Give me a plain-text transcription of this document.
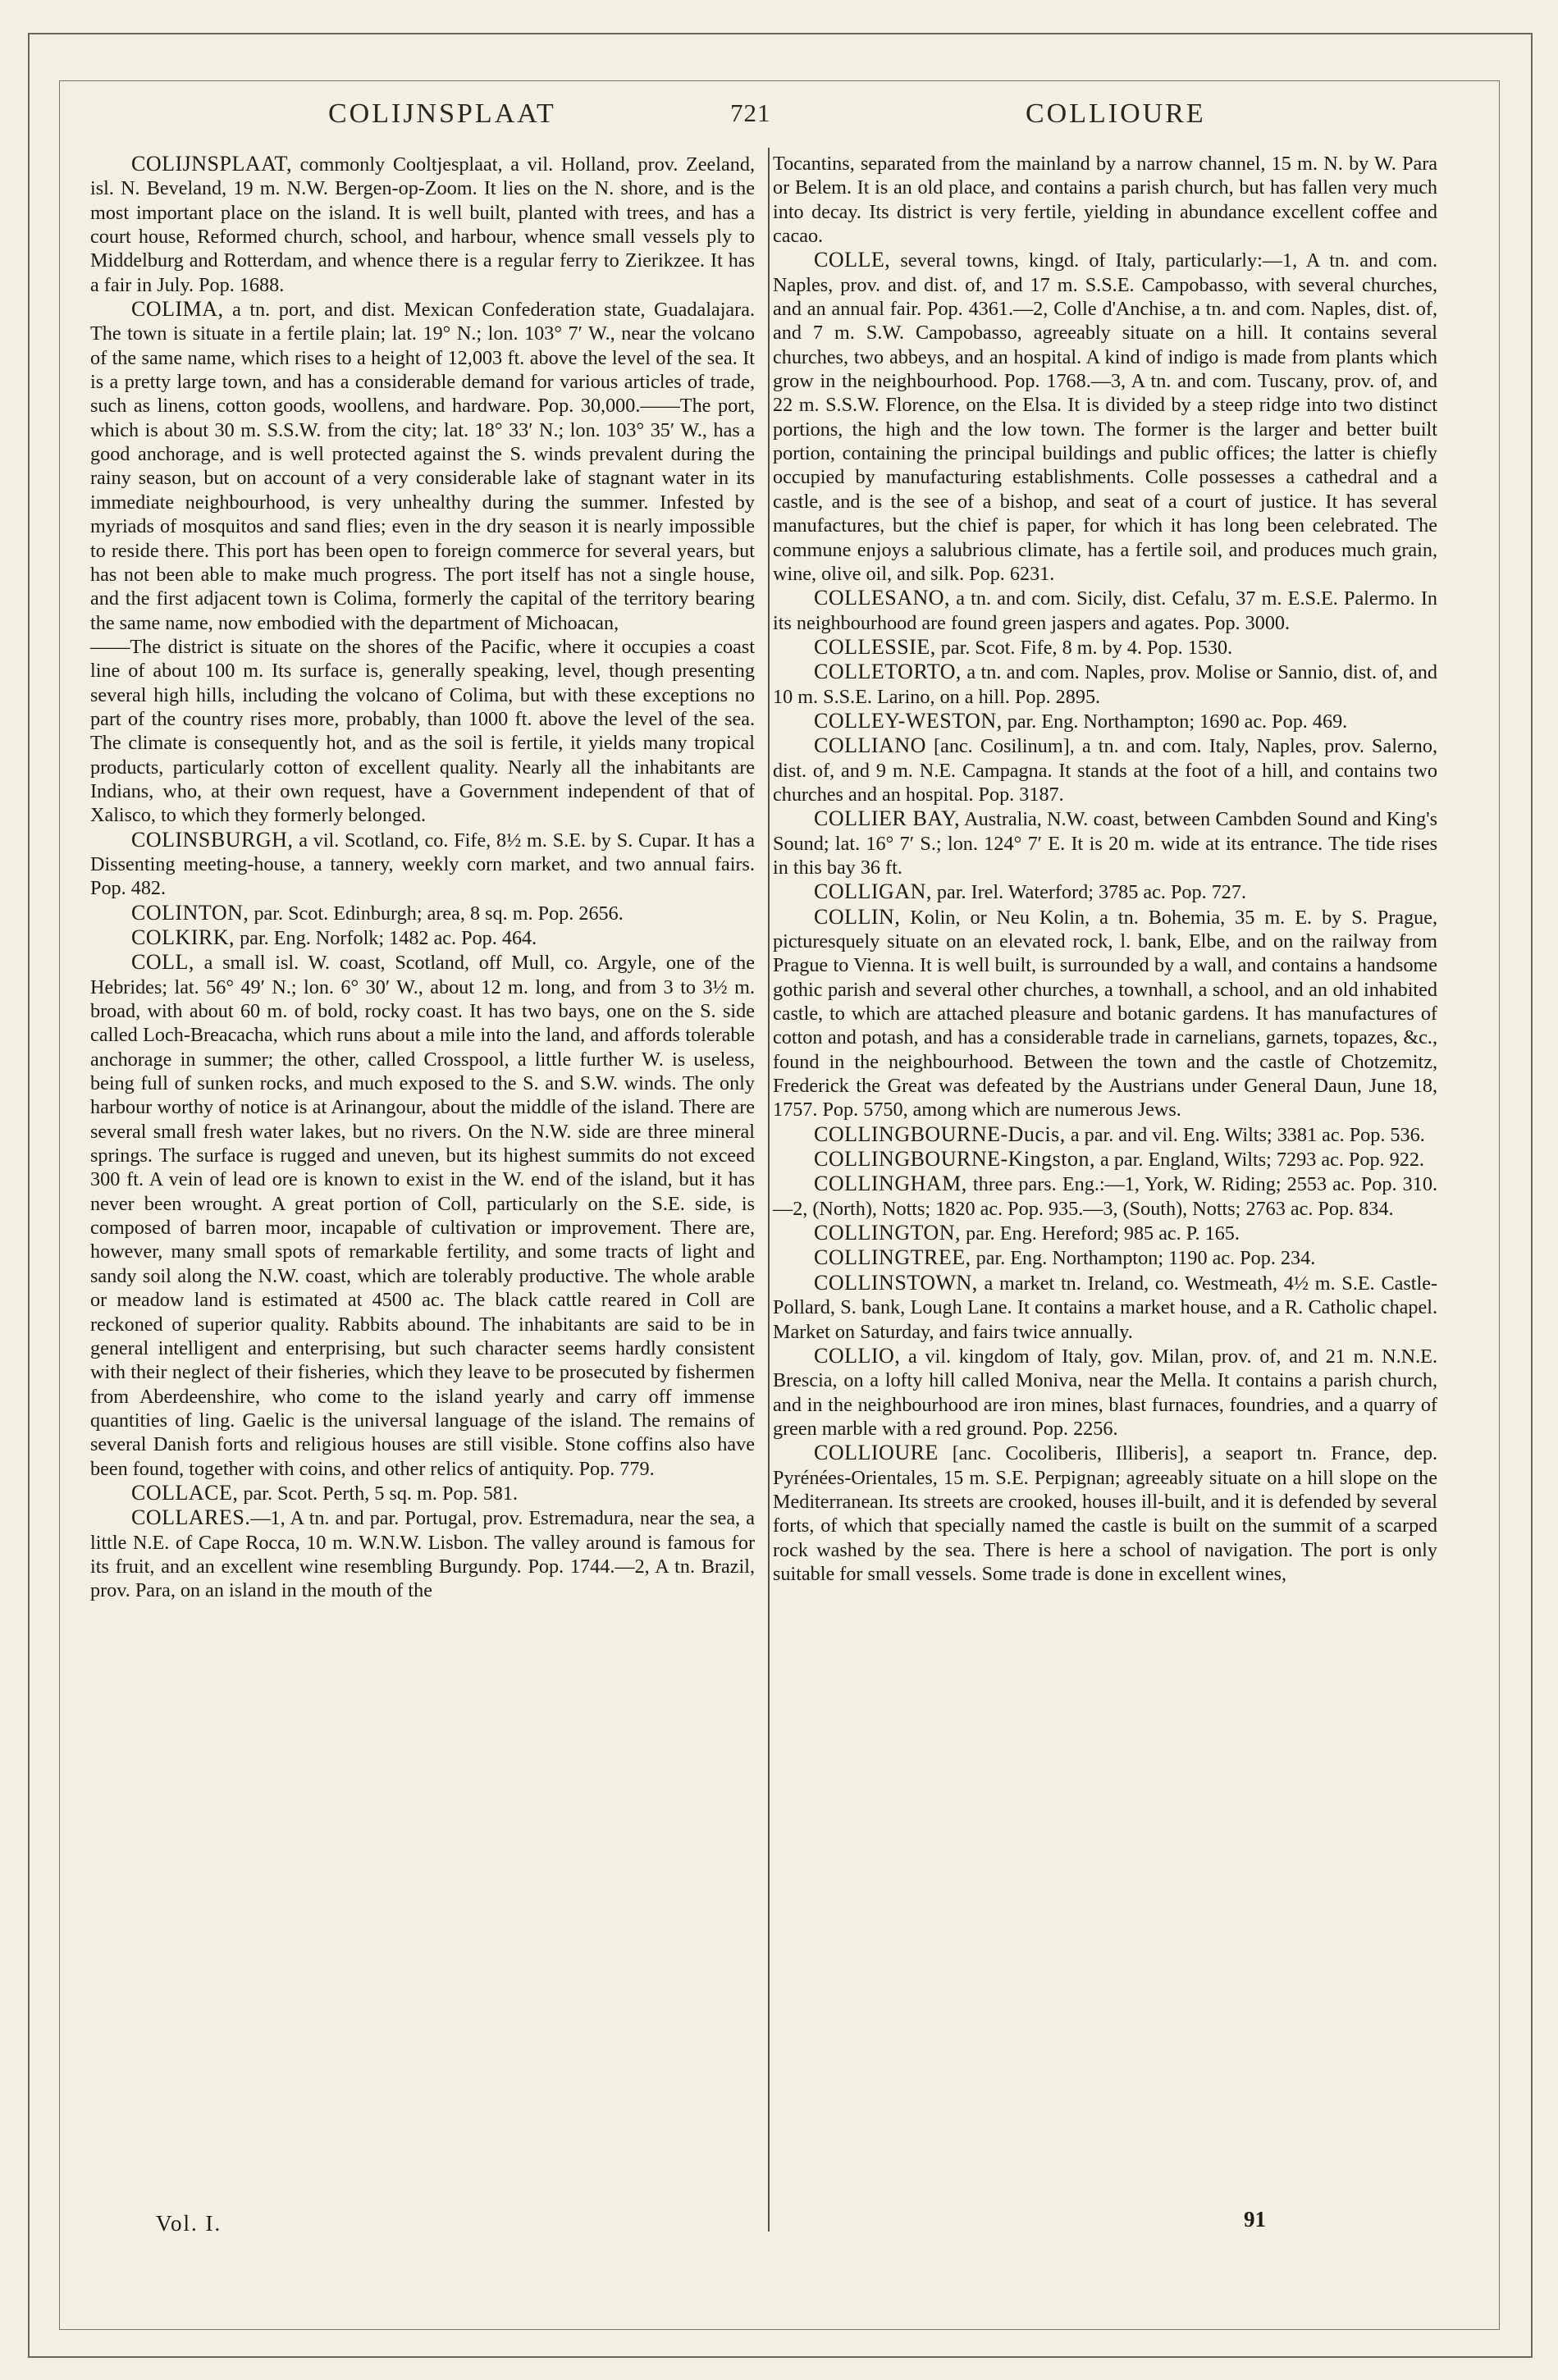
COLIJNSPLAAT	721	COLLIOURE

COLIJNSPLAAT, commonly Cooltjesplaat, a vil. Holland, prov. Zeeland, isl. N. Beveland, 19 m. N.W. Bergen-op-Zoom. It lies on the N. shore, and is the most important place on the island. It is well built, planted with trees, and has a court house, Reformed church, school, and harbour, whence small vessels ply to Middelburg and Rotterdam, and whence there is a regular ferry to Zierikzee. It has a fair in July. Pop. 1688.

COLIMA, a tn. port, and dist. Mexican Confederation state, Guadalajara. The town is situate in a fertile plain; lat. 19° N.; lon. 103° 7′ W., near the volcano of the same name, which rises to a height of 12,003 ft. above the level of the sea. It is a pretty large town, and has a considerable demand for various articles of trade, such as linens, cotton goods, woollens, and hardware. Pop. 30,000.——The port, which is about 30 m. S.S.W. from the city; lat. 18° 33′ N.; lon. 103° 35′ W., has a good anchorage, and is well protected against the S. winds prevalent during the rainy season, but on account of a very considerable lake of stagnant water in its immediate neighbourhood, is very unhealthy during the summer. Infested by myriads of mosquitos and sand flies; even in the dry season it is nearly impossible to reside there. This port has been open to foreign commerce for several years, but has not been able to make much progress. The port itself has not a single house, and the first adjacent town is Colima, formerly the capital of the territory bearing the same name, now embodied with the department of Michoacan,

——The district is situate on the shores of the Pacific, where it occupies a coast line of about 100 m. Its surface is, generally speaking, level, though presenting several high hills, including the volcano of Colima, but with these exceptions no part of the country rises more, probably, than 1000 ft. above the level of the sea. The climate is consequently hot, and as the soil is fertile, it yields many tropical products, particularly cotton of excellent quality. Nearly all the inhabitants are Indians, who, at their own request, have a Government independent of that of Xalisco, to which they formerly belonged.

COLINSBURGH, a vil. Scotland, co. Fife, 8½ m. S.E. by S. Cupar. It has a Dissenting meeting-house, a tannery, weekly corn market, and two annual fairs. Pop. 482.

COLINTON, par. Scot. Edinburgh; area, 8 sq. m. Pop. 2656.

COLKIRK, par. Eng. Norfolk; 1482 ac. Pop. 464.

COLL, a small isl. W. coast, Scotland, off Mull, co. Argyle, one of the Hebrides; lat. 56° 49′ N.; lon. 6° 30′ W., about 12 m. long, and from 3 to 3½ m. broad, with about 60 m. of bold, rocky coast. It has two bays, one on the S. side called Loch-Breacacha, which runs about a mile into the land, and affords tolerable anchorage in summer; the other, called Crosspool, a little further W. is useless, being full of sunken rocks, and much exposed to the S. and S.W. winds. The only harbour worthy of notice is at Arinangour, about the middle of the island. There are several small fresh water lakes, but no rivers. On the N.W. side are three mineral springs. The surface is rugged and uneven, but its highest summits do not exceed 300 ft. A vein of lead ore is known to exist in the W. end of the island, but it has never been wrought. A great portion of Coll, particularly on the S.E. side, is composed of barren moor, incapable of cultivation or improvement. There are, however, many small spots of remarkable fertility, and some tracts of light and sandy soil along the N.W. coast, which are tolerably productive. The whole arable or meadow land is estimated at 4500 ac. The black cattle reared in Coll are reckoned of superior quality. Rabbits abound. The inhabitants are said to be in general intelligent and enterprising, but such character seems hardly consistent with their neglect of their fisheries, which they leave to be prosecuted by fishermen from Aberdeenshire, who come to the island yearly and carry off immense quantities of ling. Gaelic is the universal language of the island. The remains of several Danish forts and religious houses are still visible. Stone coffins also have been found, together with coins, and other relics of antiquity. Pop. 779.

COLLACE, par. Scot. Perth, 5 sq. m. Pop. 581.

COLLARES.—1, A tn. and par. Portugal, prov. Estremadura, near the sea, a little N.E. of Cape Rocca, 10 m. W.N.W. Lisbon. The valley around is famous for its fruit, and an excellent wine resembling Burgundy. Pop. 1744.—2, A tn. Brazil, prov. Para, on an island in the mouth of the

Tocantins, separated from the mainland by a narrow channel, 15 m. N. by W. Para or Belem. It is an old place, and contains a parish church, but has fallen very much into decay. Its district is very fertile, yielding in abundance excellent coffee and cacao.

COLLE, several towns, kingd. of Italy, particularly:—1, A tn. and com. Naples, prov. and dist. of, and 17 m. S.S.E. Campobasso, with several churches, and an annual fair. Pop. 4361.—2, Colle d'Anchise, a tn. and com. Naples, dist. of, and 7 m. S.W. Campobasso, agreeably situate on a hill. It contains several churches, two abbeys, and an hospital. A kind of indigo is made from plants which grow in the neighbourhood. Pop. 1768.—3, A tn. and com. Tuscany, prov. of, and 22 m. S.S.W. Florence, on the Elsa. It is divided by a steep ridge into two distinct portions, the high and the low town. The former is the larger and better built portion, containing the principal buildings and public offices; the latter is chiefly occupied by manufacturing establishments. Colle possesses a cathedral and a castle, and is the see of a bishop, and seat of a court of justice. It has several manufactures, but the chief is paper, for which it has long been celebrated. The commune enjoys a salubrious climate, has a fertile soil, and produces much grain, wine, olive oil, and silk. Pop. 6231.

COLLESANO, a tn. and com. Sicily, dist. Cefalu, 37 m. E.S.E. Palermo. In its neighbourhood are found green jaspers and agates. Pop. 3000.

COLLESSIE, par. Scot. Fife, 8 m. by 4. Pop. 1530.

COLLETORTO, a tn. and com. Naples, prov. Molise or Sannio, dist. of, and 10 m. S.S.E. Larino, on a hill. Pop. 2895.

COLLEY-WESTON, par. Eng. Northampton; 1690 ac. Pop. 469.

COLLIANO [anc. Cosilinum], a tn. and com. Italy, Naples, prov. Salerno, dist. of, and 9 m. N.E. Campagna. It stands at the foot of a hill, and contains two churches and an hospital. Pop. 3187.

COLLIER BAY, Australia, N.W. coast, between Cambden Sound and King's Sound; lat. 16° 7′ S.; lon. 124° 7′ E. It is 20 m. wide at its entrance. The tide rises in this bay 36 ft.

COLLIGAN, par. Irel. Waterford; 3785 ac. Pop. 727.

COLLIN, Kolin, or Neu Kolin, a tn. Bohemia, 35 m. E. by S. Prague, picturesquely situate on an elevated rock, l. bank, Elbe, and on the railway from Prague to Vienna. It is well built, is surrounded by a wall, and contains a handsome gothic parish and several other churches, a townhall, a school, and an old inhabited castle, to which are attached pleasure and botanic gardens. It has manufactures of cotton and potash, and has a considerable trade in carnelians, garnets, topazes, &c., found in the neighbourhood. Between the town and the castle of Chotzemitz, Frederick the Great was defeated by the Austrians under General Daun, June 18, 1757. Pop. 5750, among which are numerous Jews.

COLLINGBOURNE-Ducis, a par. and vil. Eng. Wilts; 3381 ac. Pop. 536.

COLLINGBOURNE-Kingston, a par. England, Wilts; 7293 ac. Pop. 922.

COLLINGHAM, three pars. Eng.:—1, York, W. Riding; 2553 ac. Pop. 310.—2, (North), Notts; 1820 ac. Pop. 935.—3, (South), Notts; 2763 ac. Pop. 834.

COLLINGTON, par. Eng. Hereford; 985 ac. P. 165.

COLLINGTREE, par. Eng. Northampton; 1190 ac. Pop. 234.

COLLINSTOWN, a market tn. Ireland, co. Westmeath, 4½ m. S.E. Castle-Pollard, S. bank, Lough Lane. It contains a market house, and a R. Catholic chapel. Market on Saturday, and fairs twice annually.

COLLIO, a vil. kingdom of Italy, gov. Milan, prov. of, and 21 m. N.N.E. Brescia, on a lofty hill called Moniva, near the Mella. It contains a parish church, and in the neighbourhood are iron mines, blast furnaces, foundries, and a quarry of green marble with a red ground. Pop. 2256.

COLLIOURE [anc. Cocoliberis, Illiberis], a seaport tn. France, dep. Pyrénées-Orientales, 15 m. S.E. Perpignan; agreeably situate on a hill slope on the Mediterranean. Its streets are crooked, houses ill-built, and it is defended by several forts, of which that specially named the castle is built on the summit of a scarped rock washed by the sea. There is here a school of navigation. The port is only suitable for small vessels. Some trade is done in excellent wines,

Vol. I.	91
